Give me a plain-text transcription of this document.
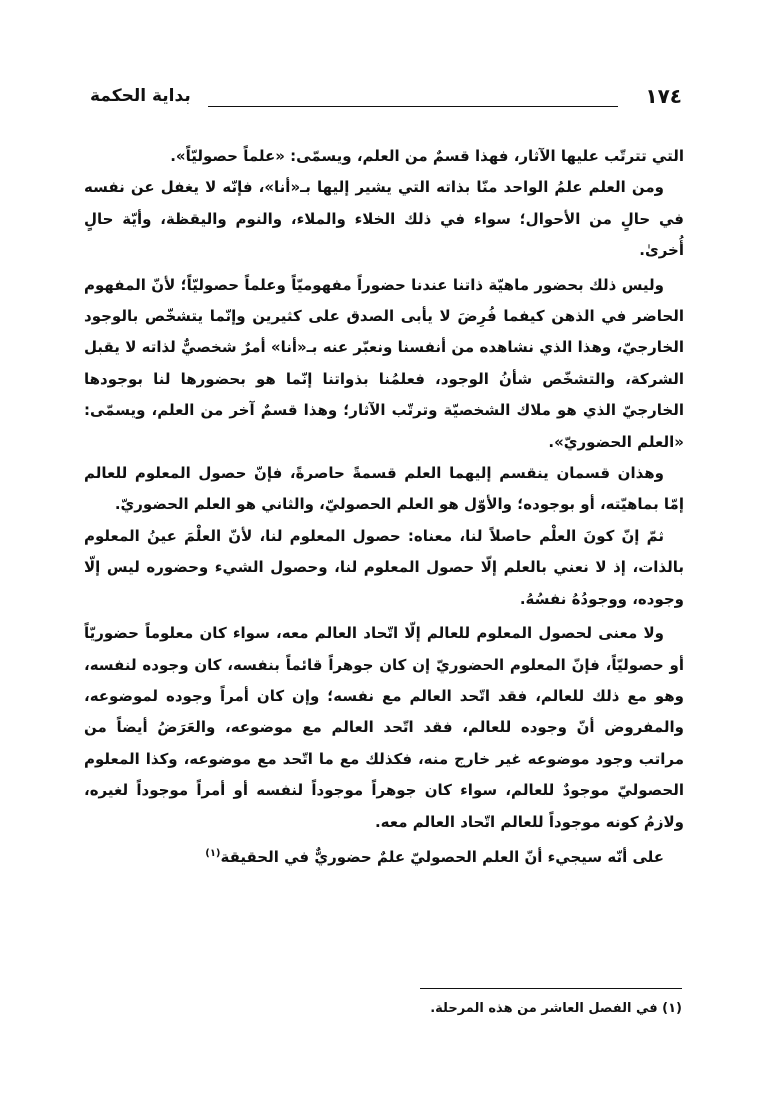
١٧٤
بداية الحكمة

التي تترتّب عليها الآثار، فهذا قسمٌ من العلم، ويسمّى: «علماً حصوليّاً».

ومن العلم علمُ الواحد منّا بذاته التي يشير إليها بـ«أنا»، فإنّه لا يغفل عن نفسه في حالٍ من الأحوال؛ سواء في ذلك الخلاء والملاء، والنوم واليقظة، وأيّة حالٍ أُخرىٰ.

وليس ذلك بحضور ماهيّة ذاتنا عندنا حضوراً مفهوميّاً وعلماً حصوليّاً؛ لأنّ المفهوم الحاضر في الذهن كيفما فُرِضَ لا يأبى الصدق على كثيرين وإنّما يتشخّص بالوجود الخارجيّ، وهذا الذي نشاهده من أنفسنا ونعبّر عنه بـ«أنا» أمرٌ شخصيٌّ لذاته لا يقبل الشركة، والتشخّص شأنُ الوجود، فعلمُنا بذواتنا إنّما هو بحضورها لنا بوجودها الخارجيّ الذي هو ملاك الشخصيّة وترتّب الآثار؛ وهذا قسمٌ آخر من العلم، ويسمّى: «العلم الحضوريّ».

وهذان قسمان ينقسم إليهما العلم قسمةً حاصرةً، فإنّ حصول المعلوم للعالم إمّا بماهيّته، أو بوجوده؛ والأوّل هو العلم الحصوليّ، والثاني هو العلم الحضوريّ.

ثمّ إنّ كونَ العلْم حاصلاً لنا، معناه: حصول المعلوم لنا، لأنّ العلْمَ عينُ المعلوم بالذات، إذ لا نعني بالعلم إلّا حصول المعلوم لنا، وحصول الشيء وحضوره ليس إلّا وجوده، ووجودُهُ نفسُهُ.

ولا معنى لحصول المعلوم للعالم إلّا اتّحاد العالم معه، سواء كان معلوماً حضوريّاً أو حصوليّاً، فإنّ المعلوم الحضوريّ إن كان جوهراً قائماً بنفسه، كان وجوده لنفسه، وهو مع ذلك للعالم، فقد اتّحد العالم مع نفسه؛ وإن كان أمراً وجوده لموضوعه، والمفروض أنّ وجوده للعالم، فقد اتّحد العالم مع موضوعه، والعَرَضُ أيضاً من مراتب وجود موضوعه غير خارج منه، فكذلك مع ما اتّحد مع موضوعه، وكذا المعلوم الحصوليّ موجودٌ للعالم، سواء كان جوهراً موجوداً لنفسه أو أمراً موجوداً لغيره، ولازمُ كونه موجوداً للعالم اتّحاد العالم معه.

على أنّه سيجيء أنّ العلم الحصوليّ علمٌ حضوريٌّ في الحقيقة$^{(١)}$

(١) في الفصل العاشر من هذه المرحلة.
